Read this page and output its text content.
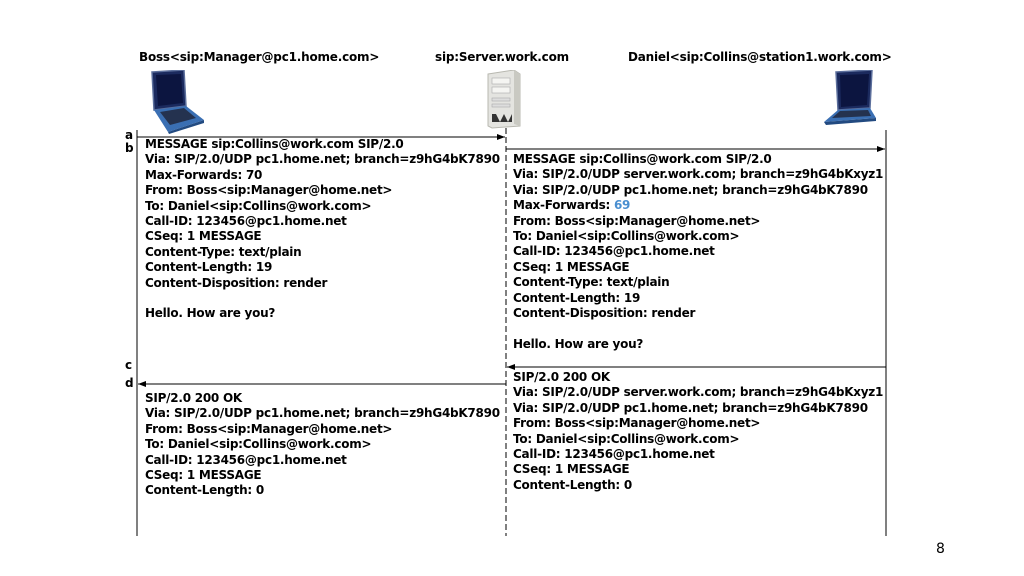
Boss<sip:Manager@pc1.home.com>	sip:Server.work.com	Daniel<sip:Collins@station1.work.com>
a
b
c
d
MESSAGE sip:Collins@work.com SIP/2.0
Via: SIP/2.0/UDP pc1.home.net; branch=z9hG4bK7890
Max-Forwards: 70
From: Boss<sip:Manager@home.net>
To: Daniel<sip:Collins@work.com>
Call-ID: 123456@pc1.home.net
CSeq: 1 MESSAGE
Content-Type: text/plain
Content-Length: 19
Content-Disposition: render
Hello. How are you?
MESSAGE sip:Collins@work.com SIP/2.0
Via: SIP/2.0/UDP server.work.com; branch=z9hG4bKxyz1
Via: SIP/2.0/UDP pc1.home.net; branch=z9hG4bK7890
Max-Forwards: 69
From: Boss<sip:Manager@home.net>
To: Daniel<sip:Collins@work.com>
Call-ID: 123456@pc1.home.net
CSeq: 1 MESSAGE
Content-Type: text/plain
Content-Length: 19
Content-Disposition: render
Hello. How are you?
SIP/2.0 200 OK
Via: SIP/2.0/UDP server.work.com; branch=z9hG4bKxyz1
Via: SIP/2.0/UDP pc1.home.net; branch=z9hG4bK7890
From: Boss<sip:Manager@home.net>
To: Daniel<sip:Collins@work.com>
Call-ID: 123456@pc1.home.net
CSeq: 1 MESSAGE
Content-Length: 0
SIP/2.0 200 OK
Via: SIP/2.0/UDP pc1.home.net; branch=z9hG4bK7890
From: Boss<sip:Manager@home.net>
To: Daniel<sip:Collins@work.com>
Call-ID: 123456@pc1.home.net
CSeq: 1 MESSAGE
Content-Length: 0
8
